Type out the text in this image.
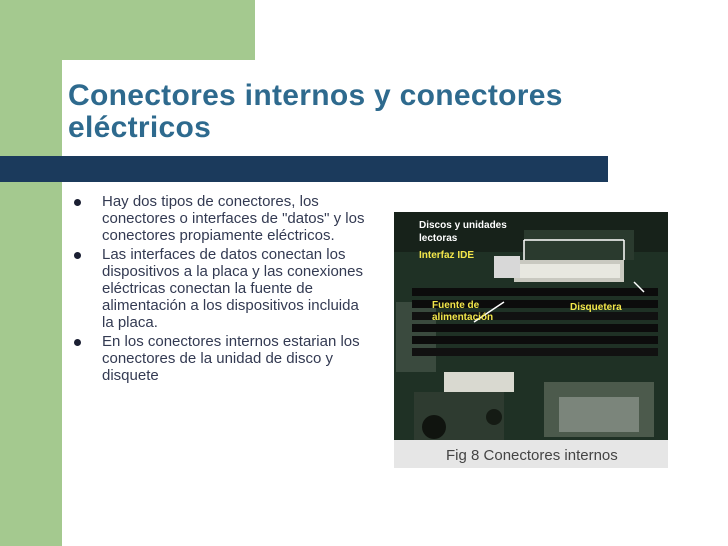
Conectores internos y conectores eléctricos
Hay dos tipos de conectores, los conectores o interfaces de "datos" y los conectores propiamente eléctricos.
Las interfaces de datos conectan los dispositivos a la placa y las conexiones eléctricas conectan la fuente de alimentación a los dispositivos incluida la placa.
En los conectores internos estarian los conectores de la unidad de disco y disquete
Discos y unidades
lectoras
Interfaz IDE
Fuente de
alimentación
Disquetera
Fig 8 Conectores internos
